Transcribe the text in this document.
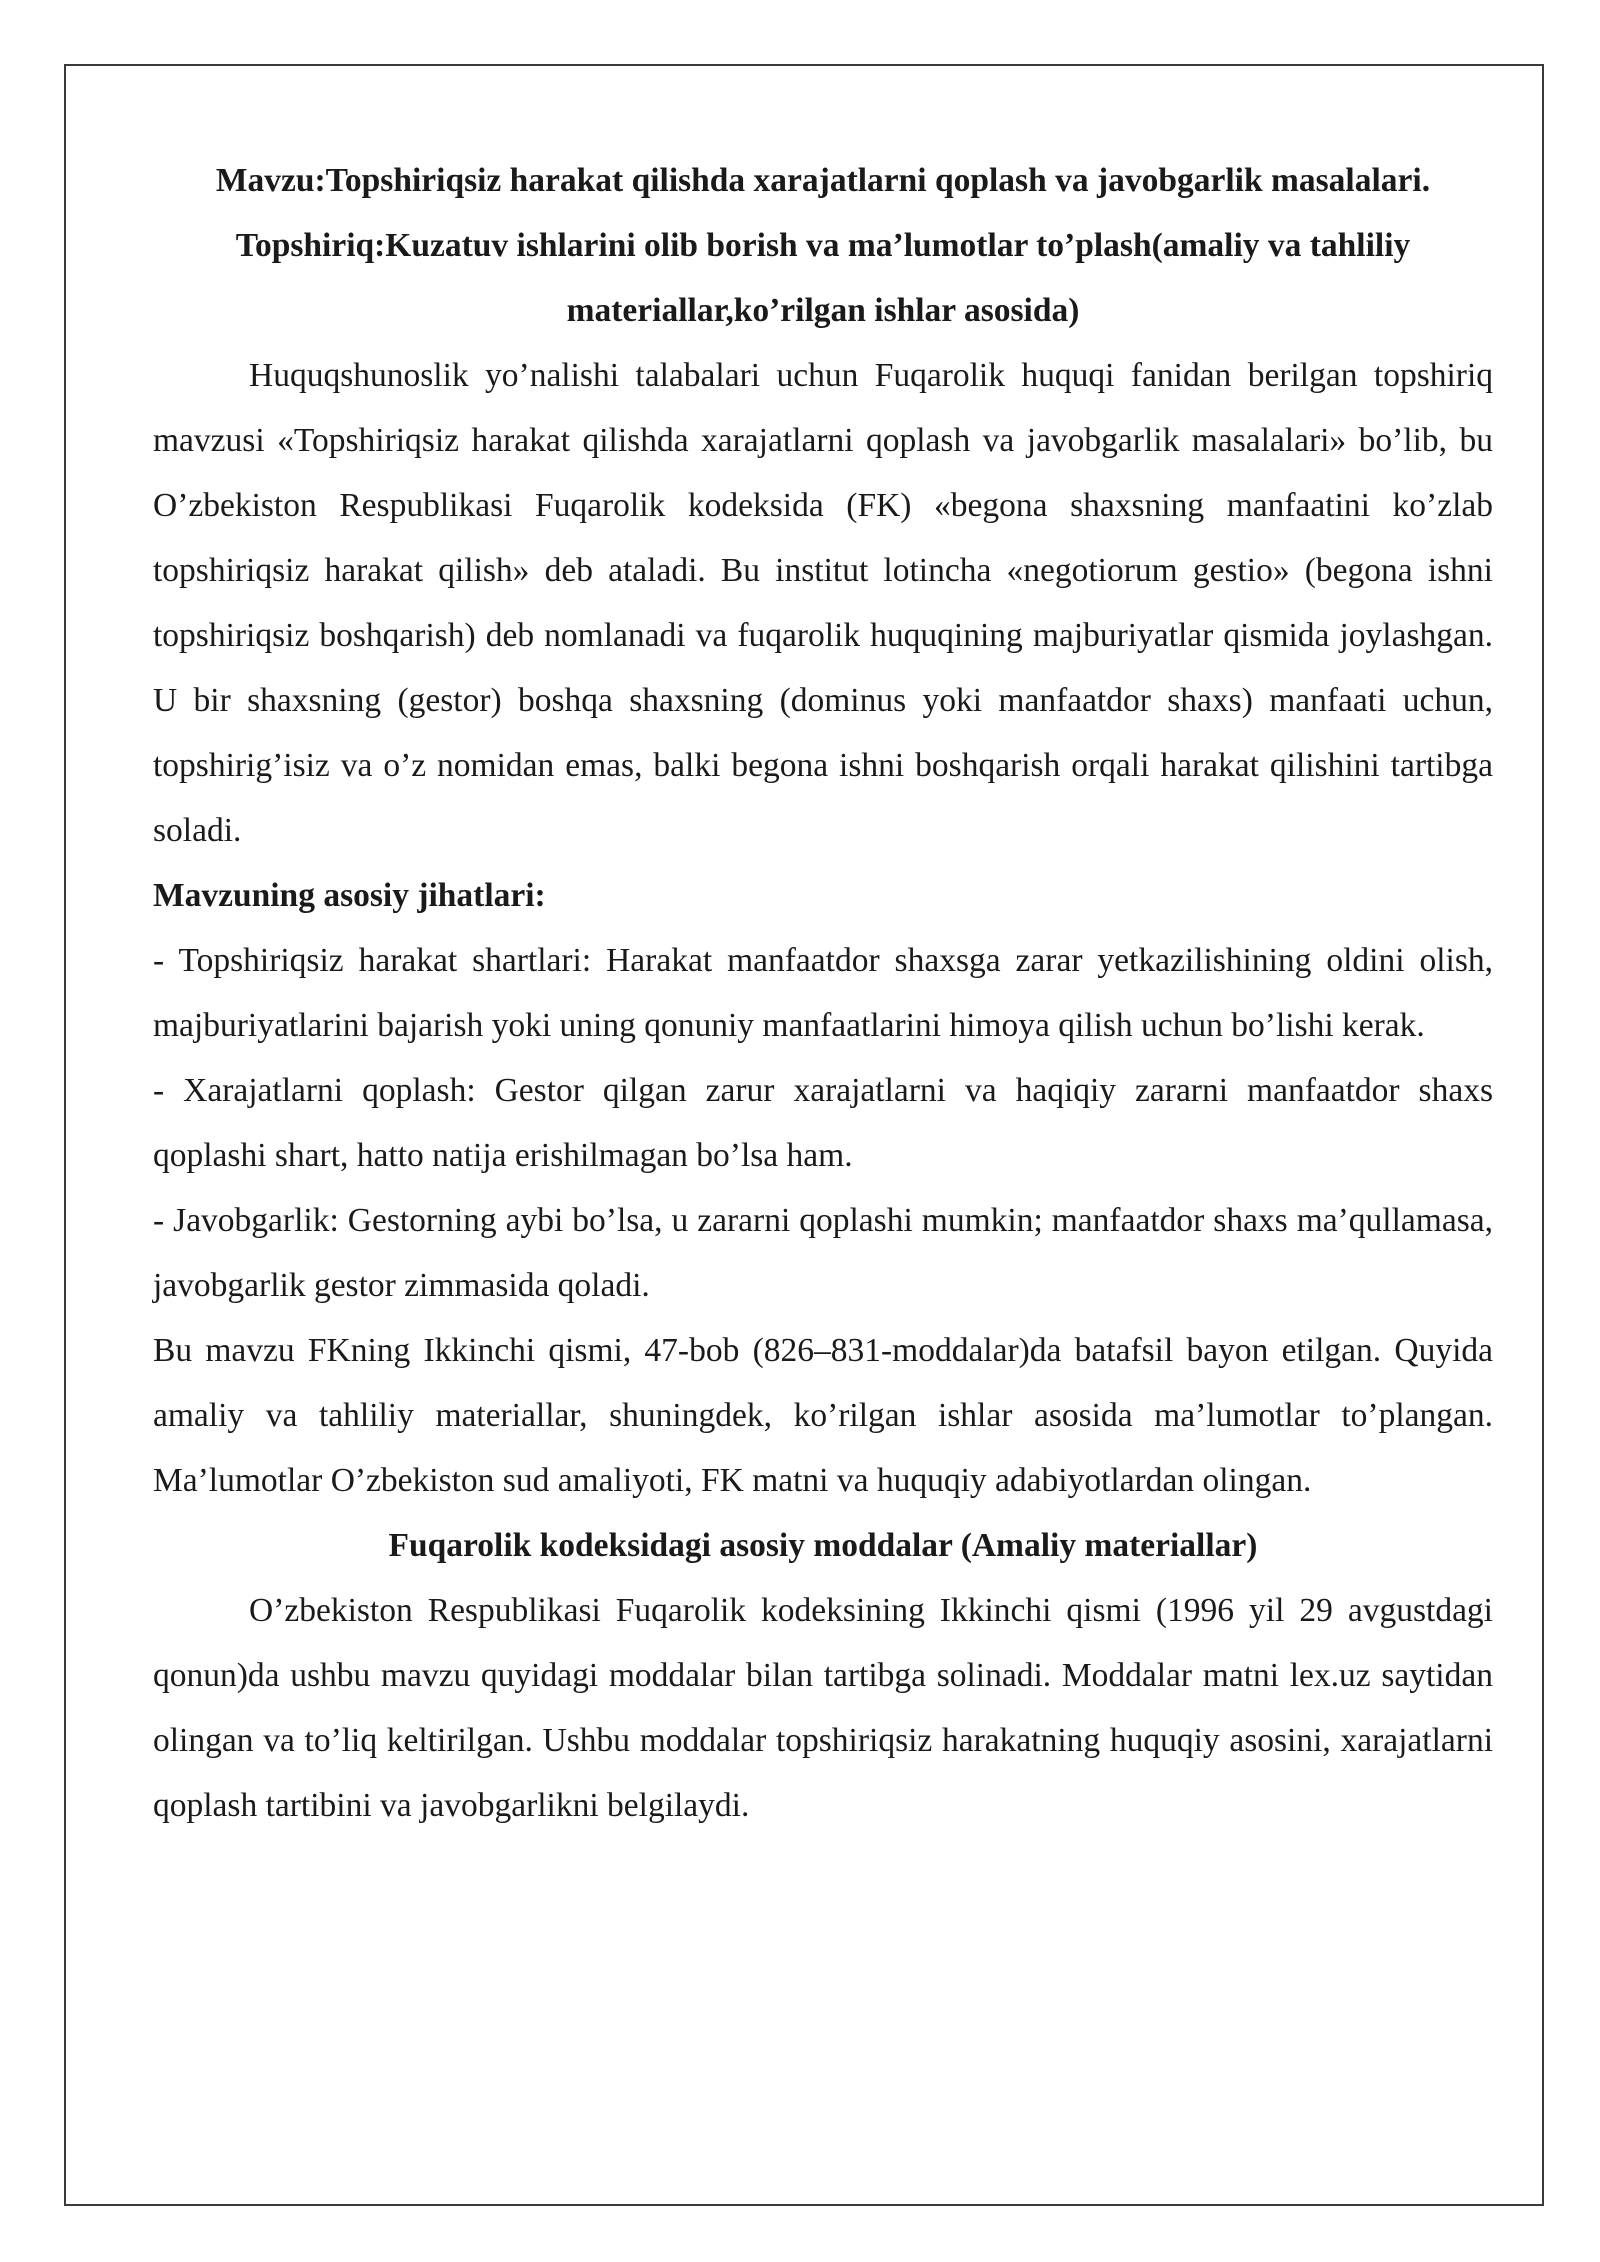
Mavzu:Topshiriqsiz harakat qilishda xarajatlarni qoplash va javobgarlik masalalari.

Topshiriq:Kuzatuv ishlarini olib borish va ma’lumotlar to’plash(amaliy va tahliliy materiallar,ko’rilgan ishlar asosida)

Huquqshunoslik yo’nalishi talabalari uchun Fuqarolik huquqi fanidan berilgan topshiriq mavzusi «Topshiriqsiz harakat qilishda xarajatlarni qoplash va javobgarlik masalalari» bo’lib, bu O’zbekiston Respublikasi Fuqarolik kodeksida (FK) «begona shaxsning manfaatini ko’zlab topshiriqsiz harakat qilish» deb ataladi. Bu institut lotincha «negotiorum gestio» (begona ishni topshiriqsiz boshqarish) deb nomlanadi va fuqarolik huquqining majburiyatlar qismida joylashgan. U bir shaxsning (gestor) boshqa shaxsning (dominus yoki manfaatdor shaxs) manfaati uchun, topshirig’isiz va o’z nomidan emas, balki begona ishni boshqarish orqali harakat qilishini tartibga soladi.

Mavzuning asosiy jihatlari:

- Topshiriqsiz harakat shartlari: Harakat manfaatdor shaxsga zarar yetkazilishining oldini olish, majburiyatlarini bajarish yoki uning qonuniy manfaatlarini himoya qilish uchun bo’lishi kerak.

- Xarajatlarni qoplash: Gestor qilgan zarur xarajatlarni va haqiqiy zararni manfaatdor shaxs qoplashi shart, hatto natija erishilmagan bo’lsa ham.

- Javobgarlik: Gestorning aybi bo’lsa, u zararni qoplashi mumkin; manfaatdor shaxs ma’qullamasa, javobgarlik gestor zimmasida qoladi.

Bu mavzu FKning Ikkinchi qismi, 47-bob (826–831-moddalar)da batafsil bayon etilgan. Quyida amaliy va tahliliy materiallar, shuningdek, ko’rilgan ishlar asosida ma’lumotlar to’plangan. Ma’lumotlar O’zbekiston sud amaliyoti, FK matni va huquqiy adabiyotlardan olingan.

Fuqarolik kodeksidagi asosiy moddalar (Amaliy materiallar)

O’zbekiston Respublikasi Fuqarolik kodeksining Ikkinchi qismi (1996 yil 29 avgustdagi qonun)da ushbu mavzu quyidagi moddalar bilan tartibga solinadi. Moddalar matni lex.uz saytidan olingan va to’liq keltirilgan. Ushbu moddalar topshiriqsiz harakatning huquqiy asosini, xarajatlarni qoplash tartibini va javobgarlikni belgilaydi.
